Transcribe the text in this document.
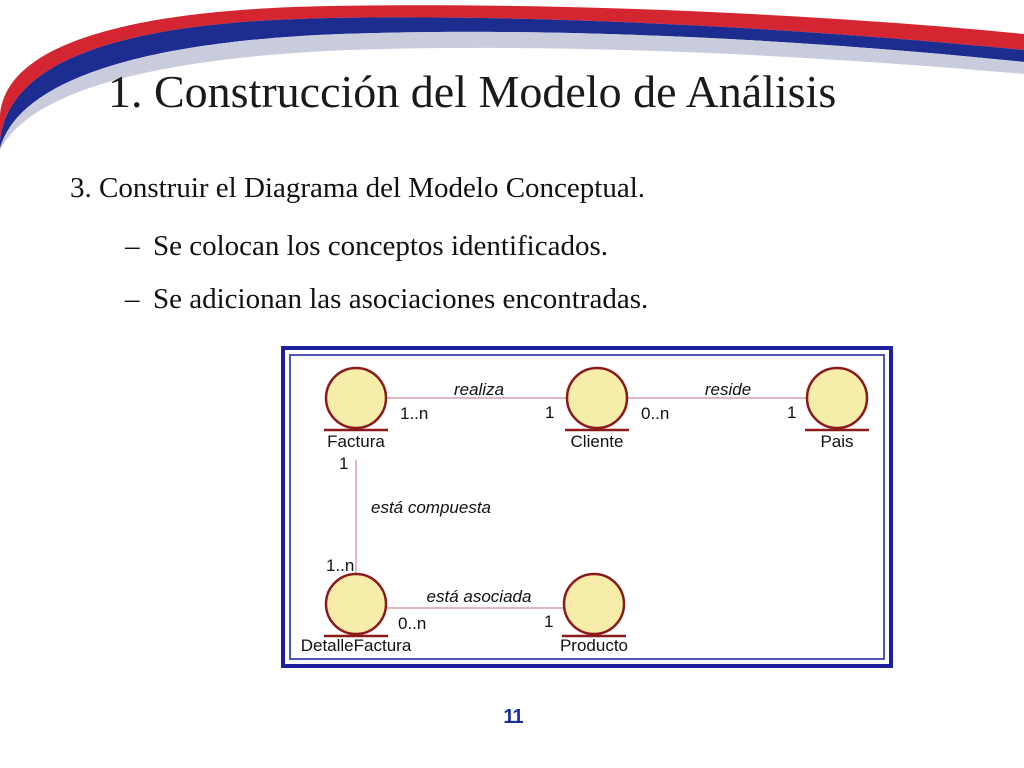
1. Construcción del Modelo de Análisis

3. Construir el Diagrama del Modelo Conceptual.

– Se colocan los conceptos identificados.

– Se adicionan las asociaciones encontradas.

Factura	Cliente	Pais
DetalleFactura	Producto
realiza
1..n	1
reside
0..n	1
está compuesta
1
1..n
está asociada
0..n	1
11
